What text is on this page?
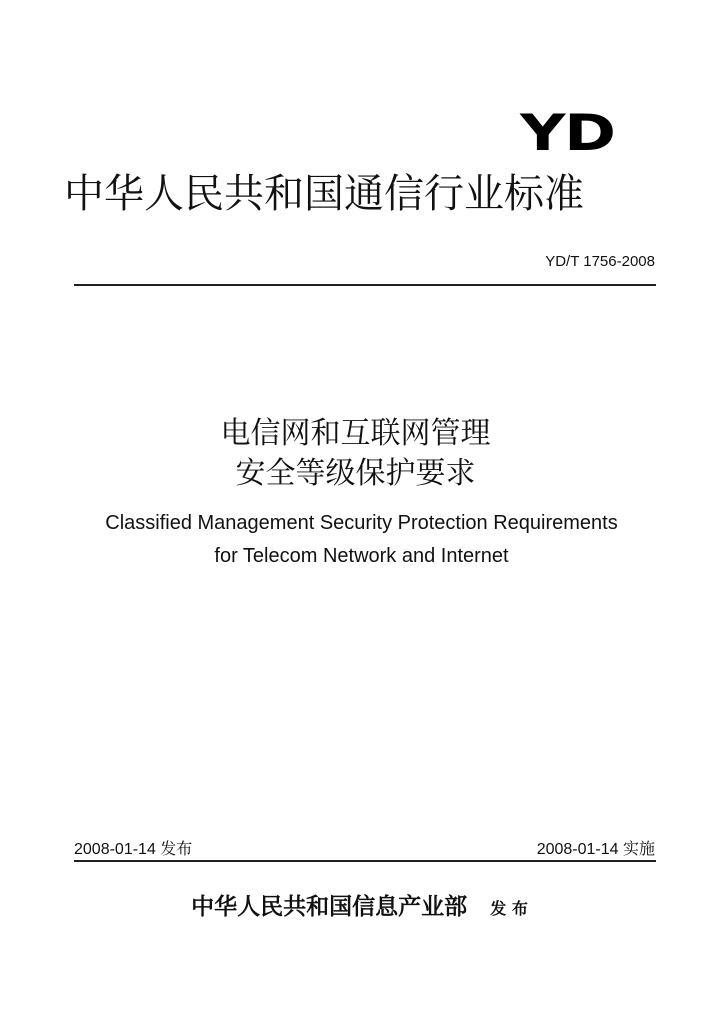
YD
中华人民共和国通信行业标准
YD/T 1756-2008
电信网和互联网管理
安全等级保护要求
Classified Management Security Protection Requirements
for Telecom Network and Internet
2008-01-14 发布	2008-01-14 实施
中华人民共和国信息产业部 发 布
